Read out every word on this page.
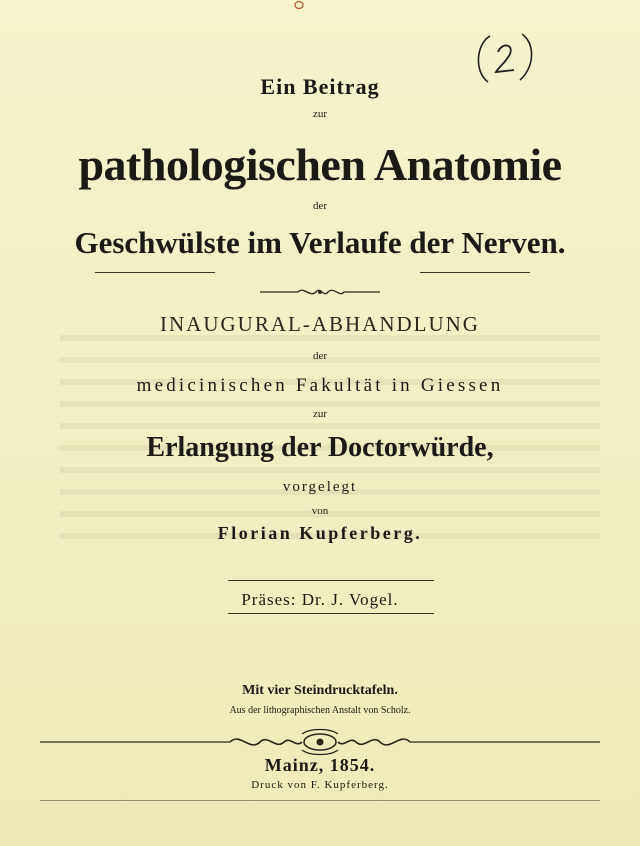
Ein Beitrag
zur
pathologischen Anatomie
der
Geschwülste im Verlaufe der Nerven.
INAUGURAL-ABHANDLUNG
der
medicinischen Fakultät in Giessen
zur
Erlangung der Doctorwürde,
vorgelegt
von
Florian Kupferberg.
Präses: Dr. J. Vogel.
Mit vier Steindrucktafeln.
Aus der lithographischen Anstalt von Scholz.
Mainz, 1854.
Druck von F. Kupferberg.
